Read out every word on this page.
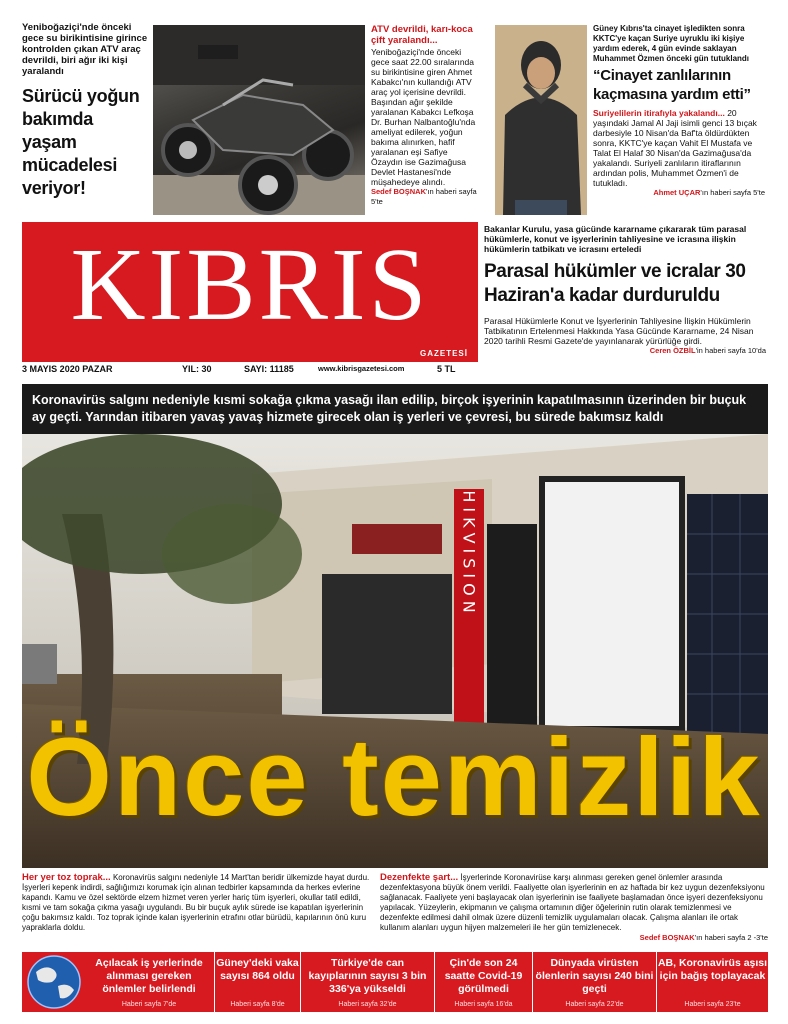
Yeniboğaziçi'nde önceki gece su birikintisine girince kontrolden çıkan ATV araç devrildi, biri ağır iki kişi yaralandı
Sürücü yoğun bakımda yaşam mücadelesi veriyor!
ATV devrildi, karı-koca çift yaralandı...
Yeniboğaziçi'nde önceki gece saat 22.00 sıralarında su birikintisine giren Ahmet Kabakcı'nın kullandığı ATV araç yol içerisine devrildi. Başından ağır şekilde yaralanan Kabakcı Lefkoşa Dr. Burhan Nalbantoğlu'nda ameliyat edilerek, yoğun bakıma alınırken, hafif yaralanan eşi Safiye Özaydın ise Gazimağusa Devlet Hastanesi'nde müşahedeye alındı.
Sedef BOŞNAK'ın haberi sayfa 5'te
Güney Kıbrıs'ta cinayet işledikten sonra KKTC'ye kaçan Suriye uyruklu iki kişiye yardım ederek, 4 gün evinde saklayan Muhammet Özmen önceki gün tutuklandı
“Cinayet zanlılarının kaçmasına yardım etti”
Suriyelilerin itirafıyla yakalandı... 20 yaşındaki Jamal Al Jaji isimli genci 13 bıçak darbesiyle 10 Nisan'da Baf'ta öldürdükten sonra, KKTC'ye kaçan Vahit El Mustafa ve Talat El Halaf 30 Nisan'da Gazimağusa'da yakalandı. Suriyeli zanlıların itiraflarının ardından polis, Muhammet Özmen'i de tutukladı.
Ahmet UÇAR'ın haberi sayfa 5'te
KIBRIS
GAZETESİ
3 MAYIS 2020 PAZAR	YIL: 30	SAYI: 11185	www.kibrisgazetesi.com	5 TL
Bakanlar Kurulu, yasa gücünde kararname çıkararak tüm parasal hükümlerle, konut ve işyerlerinin tahliyesine ve icrasına ilişkin hükümlerin tatbikatı ve icrasını erteledi
Parasal hükümler ve icralar 30 Haziran'a kadar durduruldu
Parasal Hükümlerle Konut ve İşyerlerinin Tahliyesine İlişkin Hükümlerin Tatbikatının Ertelenmesi Hakkında Yasa Gücünde Kararname, 24 Nisan 2020 tarihli Resmi Gazete'de yayınlanarak yürürlüğe girdi.
Ceren ÖZBİL'in haberi sayfa 10'da
Koronavirüs salgını nedeniyle kısmi sokağa çıkma yasağı ilan edilip, birçok işyerinin kapatılmasının üzerinden bir buçuk ay geçti. Yarından itibaren yavaş yavaş hizmete girecek olan iş yerleri ve çevresi, bu sürede bakımsız kaldı
HIKVISION
Önce temizlik
Her yer toz toprak... Koronavirüs salgını nedeniyle 14 Mart'tan beridir ülkemizde hayat durdu. İşyerleri kepenk indirdi, sağlığımızı korumak için alınan tedbirler kapsamında da herkes evlerine kapandı. Kamu ve özel sektörde elzem hizmet veren yerler hariç tüm işyerleri, okullar tatil edildi, kısmi ve tam sokağa çıkma yasağı uygulandı. Bu bir buçuk aylık sürede ise kapatılan işyerlerinin çoğu bakımsız kaldı. Toz toprak içinde kalan işyerlerinin etrafını otlar bürüdü, kapılarının önü kuru yapraklarla doldu.
Dezenfekte şart... İşyerlerinde Koronavirüse karşı alınması gereken genel önlemler arasında dezenfektasyona büyük önem verildi. Faaliyette olan işyerlerinin en az haftada bir kez uygun dezenfeksiyonu sağlanacak. Faaliyete yeni başlayacak olan işyerlerinin ise faaliyete başlamadan önce işyeri dezenfeksiyonu yapılacak. Yüzeylerin, ekipmanın ve çalışma ortamının diğer öğelerinin rutin olarak temizlenmesi ve dezenfekte edilmesi dahil olmak üzere düzenli temizlik uygulamaları olacak. Çalışma alanları ile ortak kullanım alanları uygun hijyen malzemeleri ile her gün temizlenecek.
Sedef BOŞNAK'ın haberi sayfa 2 -3'te
Açılacak iş yerlerinde alınması gereken önlemler belirlendi
Haberi sayfa 7'de
Güney'deki vaka sayısı 864 oldu
Haberi sayfa 8'de
Türkiye'de can kayıplarının sayısı 3 bin 336'ya yükseldi
Haberi sayfa 32'de
Çin'de son 24 saatte Covid-19 görülmedi
Haberi sayfa 16'da
Dünyada virüsten ölenlerin sayısı 240 bini geçti
Haberi sayfa 22'de
AB, Koronavirüs aşısı için bağış toplayacak
Haberi sayfa 23'te
